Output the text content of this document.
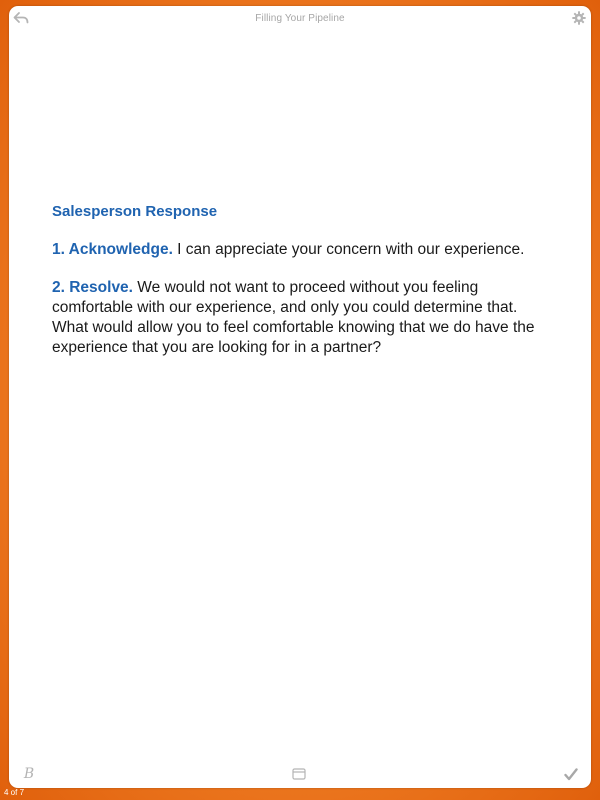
Filling Your Pipeline

Salesperson Response

1. Acknowledge. I can appreciate your concern with our experience.

2. Resolve. We would not want to proceed without you feeling comfortable with our experience, and only you could determine that. What would allow you to feel comfortable knowing that we do have the experience that you are looking for in a partner?

B
4 of 7
